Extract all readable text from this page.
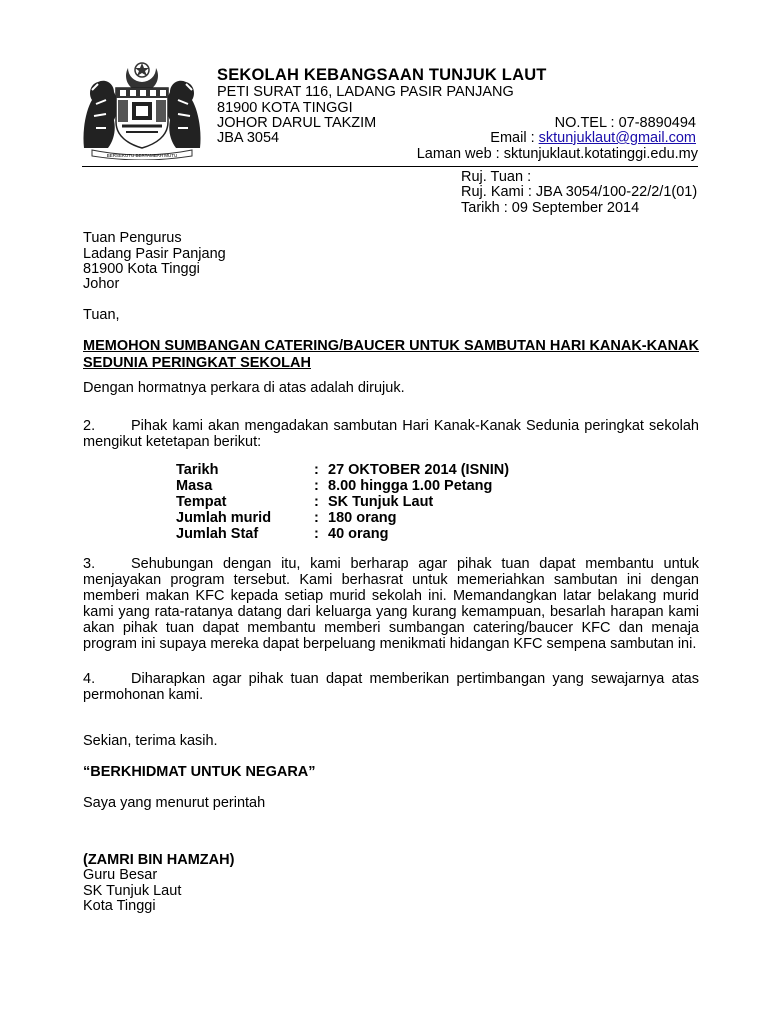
BERSEKUTU BERTAMBAH MUTU
SEKOLAH KEBANGSAAN TUNJUK LAUT
PETI SURAT 116, LADANG PASIR PANJANG
81900 KOTA TINGGI
JOHOR DARUL TAKZIM
JBA 3054
NO.TEL : 07-8890494
Email : sktunjuklaut@gmail.com
Laman web : sktunjuklaut.kotatinggi.edu.my
Ruj. Tuan :
Ruj. Kami : JBA 3054/100-22/2/1(01)
Tarikh : 09 September 2014
Tuan Pengurus
Ladang Pasir Panjang
81900 Kota Tinggi
Johor
Tuan,
MEMOHON SUMBANGAN CATERING/BAUCER UNTUK SAMBUTAN HARI KANAK-KANAK SEDUNIA PERINGKAT SEKOLAH
Dengan hormatnya perkara di atas adalah dirujuk.
2. Pihak kami akan mengadakan sambutan Hari Kanak-Kanak Sedunia peringkat sekolah mengikut ketetapan berikut:
Tarikh	:	27 OKTOBER 2014 (ISNIN)
Masa	:	8.00 hingga 1.00 Petang
Tempat	:	SK Tunjuk Laut
Jumlah murid	:	180 orang
Jumlah Staf	:	40 orang
3. Sehubungan dengan itu, kami berharap agar pihak tuan dapat membantu untuk menjayakan program tersebut. Kami berhasrat untuk memeriahkan sambutan ini dengan memberi makan KFC kepada setiap murid sekolah ini. Memandangkan latar belakang murid kami yang rata-ratanya datang dari keluarga yang kurang kemampuan, besarlah harapan kami akan pihak tuan dapat membantu memberi sumbangan catering/baucer KFC dan menaja program ini supaya mereka dapat berpeluang menikmati hidangan KFC sempena sambutan ini.
4. Diharapkan agar pihak tuan dapat memberikan pertimbangan yang sewajarnya atas permohonan kami.
Sekian, terima kasih.
“BERKHIDMAT UNTUK NEGARA”
Saya yang menurut perintah
(ZAMRI BIN HAMZAH)
Guru Besar
SK Tunjuk Laut
Kota Tinggi
